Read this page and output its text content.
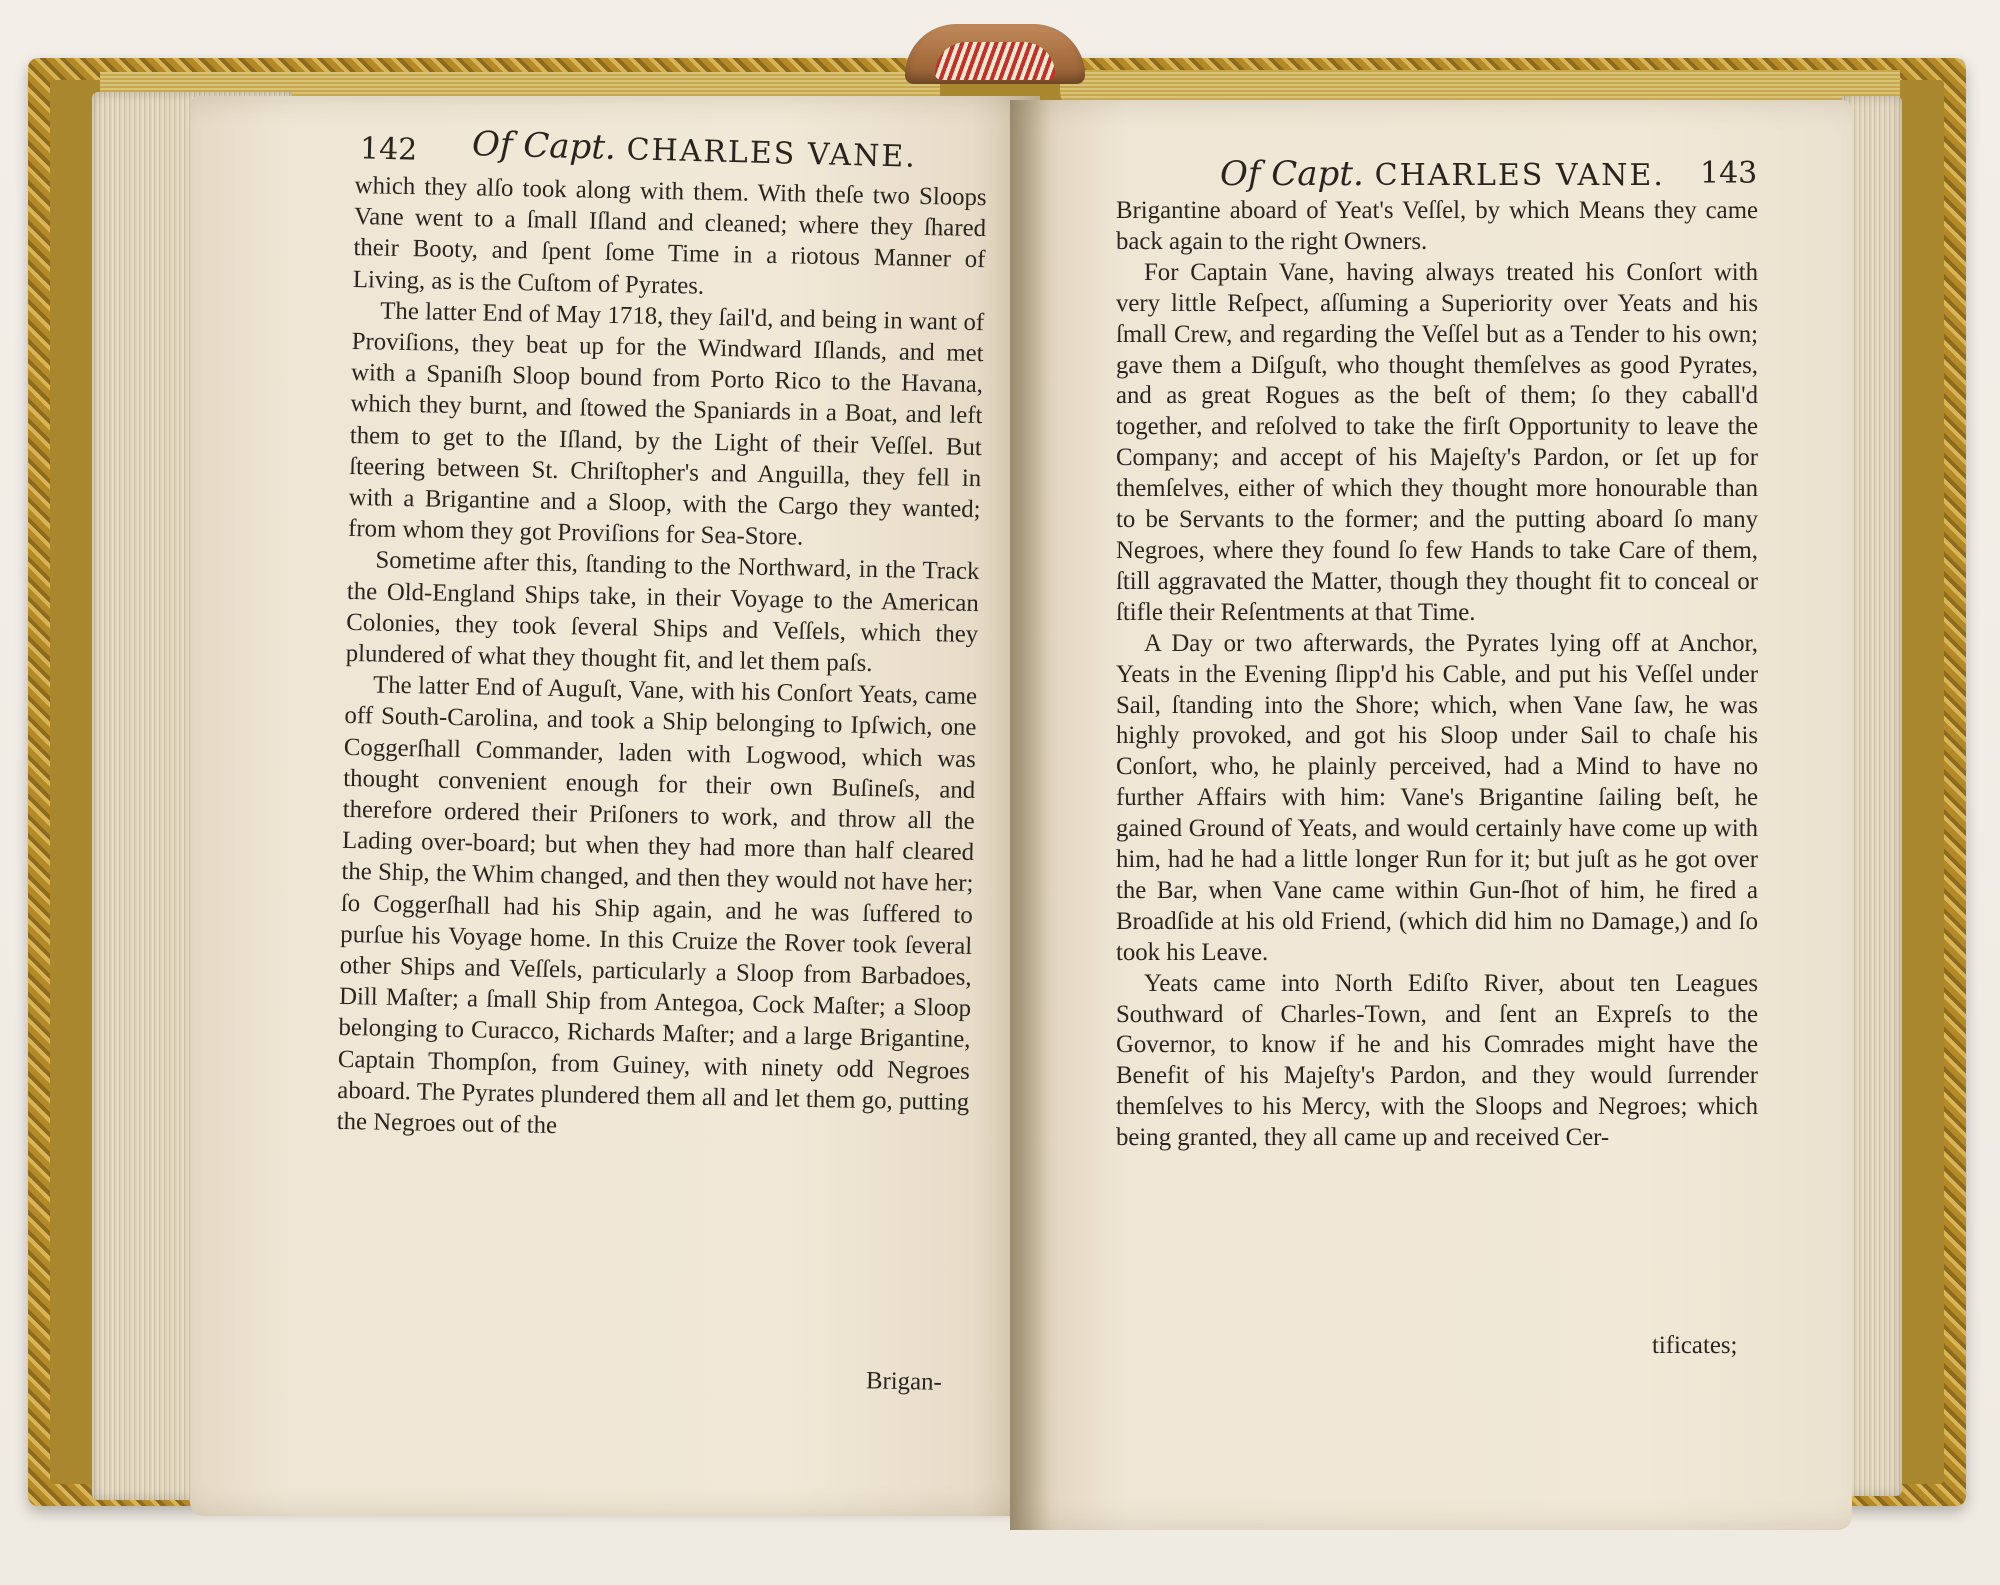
142 Of Capt. CHARLES VANE.

which they alſo took along with them. With theſe two Sloops Vane went to a ſmall Iſland and cleaned; where they ſhared their Booty, and ſpent ſome Time in a riotous Manner of Living, as is the Cuſtom of Pyrates.

The latter End of May 1718, they ſail'd, and being in want of Proviſions, they beat up for the Windward Iſlands, and met with a Spaniſh Sloop bound from Porto Rico to the Havana, which they burnt, and ſtowed the Spaniards in a Boat, and left them to get to the Iſland, by the Light of their Veſſel. But ſteering between St. Chriſtopher's and Anguilla, they fell in with a Brigantine and a Sloop, with the Cargo they wanted; from whom they got Proviſions for Sea-Store.

Sometime after this, ſtanding to the Northward, in the Track the Old-England Ships take, in their Voyage to the American Colonies, they took ſeveral Ships and Veſſels, which they plundered of what they thought fit, and let them paſs.

The latter End of Auguſt, Vane, with his Conſort Yeats, came off South-Carolina, and took a Ship belonging to Ipſwich, one Coggerſhall Commander, laden with Logwood, which was thought convenient enough for their own Buſineſs, and therefore ordered their Priſoners to work, and throw all the Lading over-board; but when they had more than half cleared the Ship, the Whim changed, and then they would not have her; ſo Coggerſhall had his Ship again, and he was ſuffered to purſue his Voyage home. In this Cruize the Rover took ſeveral other Ships and Veſſels, particularly a Sloop from Barbadoes, Dill Maſter; a ſmall Ship from Antegoa, Cock Maſter; a Sloop belonging to Curacco, Richards Maſter; and a large Brigantine, Captain Thompſon, from Guiney, with ninety odd Negroes aboard. The Pyrates plundered them all and let them go, putting the Negroes out of the

Brigan-
Of Capt. CHARLES VANE. 143

Brigantine aboard of Yeat's Veſſel, by which Means they came back again to the right Owners.

For Captain Vane, having always treated his Conſort with very little Reſpect, aſſuming a Superiority over Yeats and his ſmall Crew, and regarding the Veſſel but as a Tender to his own; gave them a Diſguſt, who thought themſelves as good Pyrates, and as great Rogues as the beſt of them; ſo they caball'd together, and reſolved to take the firſt Opportunity to leave the Company; and accept of his Majeſty's Pardon, or ſet up for themſelves, either of which they thought more honourable than to be Servants to the former; and the putting aboard ſo many Negroes, where they found ſo few Hands to take Care of them, ſtill aggravated the Matter, though they thought fit to conceal or ſtifle their Reſentments at that Time.

A Day or two afterwards, the Pyrates lying off at Anchor, Yeats in the Evening ſlipp'd his Cable, and put his Veſſel under Sail, ſtanding into the Shore; which, when Vane ſaw, he was highly provoked, and got his Sloop under Sail to chaſe his Conſort, who, he plainly perceived, had a Mind to have no further Affairs with him: Vane's Brigantine ſailing beſt, he gained Ground of Yeats, and would certainly have come up with him, had he had a little longer Run for it; but juſt as he got over the Bar, when Vane came within Gun-ſhot of him, he fired a Broadſide at his old Friend, (which did him no Damage,) and ſo took his Leave.

Yeats came into North Ediſto River, about ten Leagues Southward of Charles-Town, and ſent an Expreſs to the Governor, to know if he and his Comrades might have the Benefit of his Majeſty's Pardon, and they would ſurrender themſelves to his Mercy, with the Sloops and Negroes; which being granted, they all came up and received Cer-

tificates;
